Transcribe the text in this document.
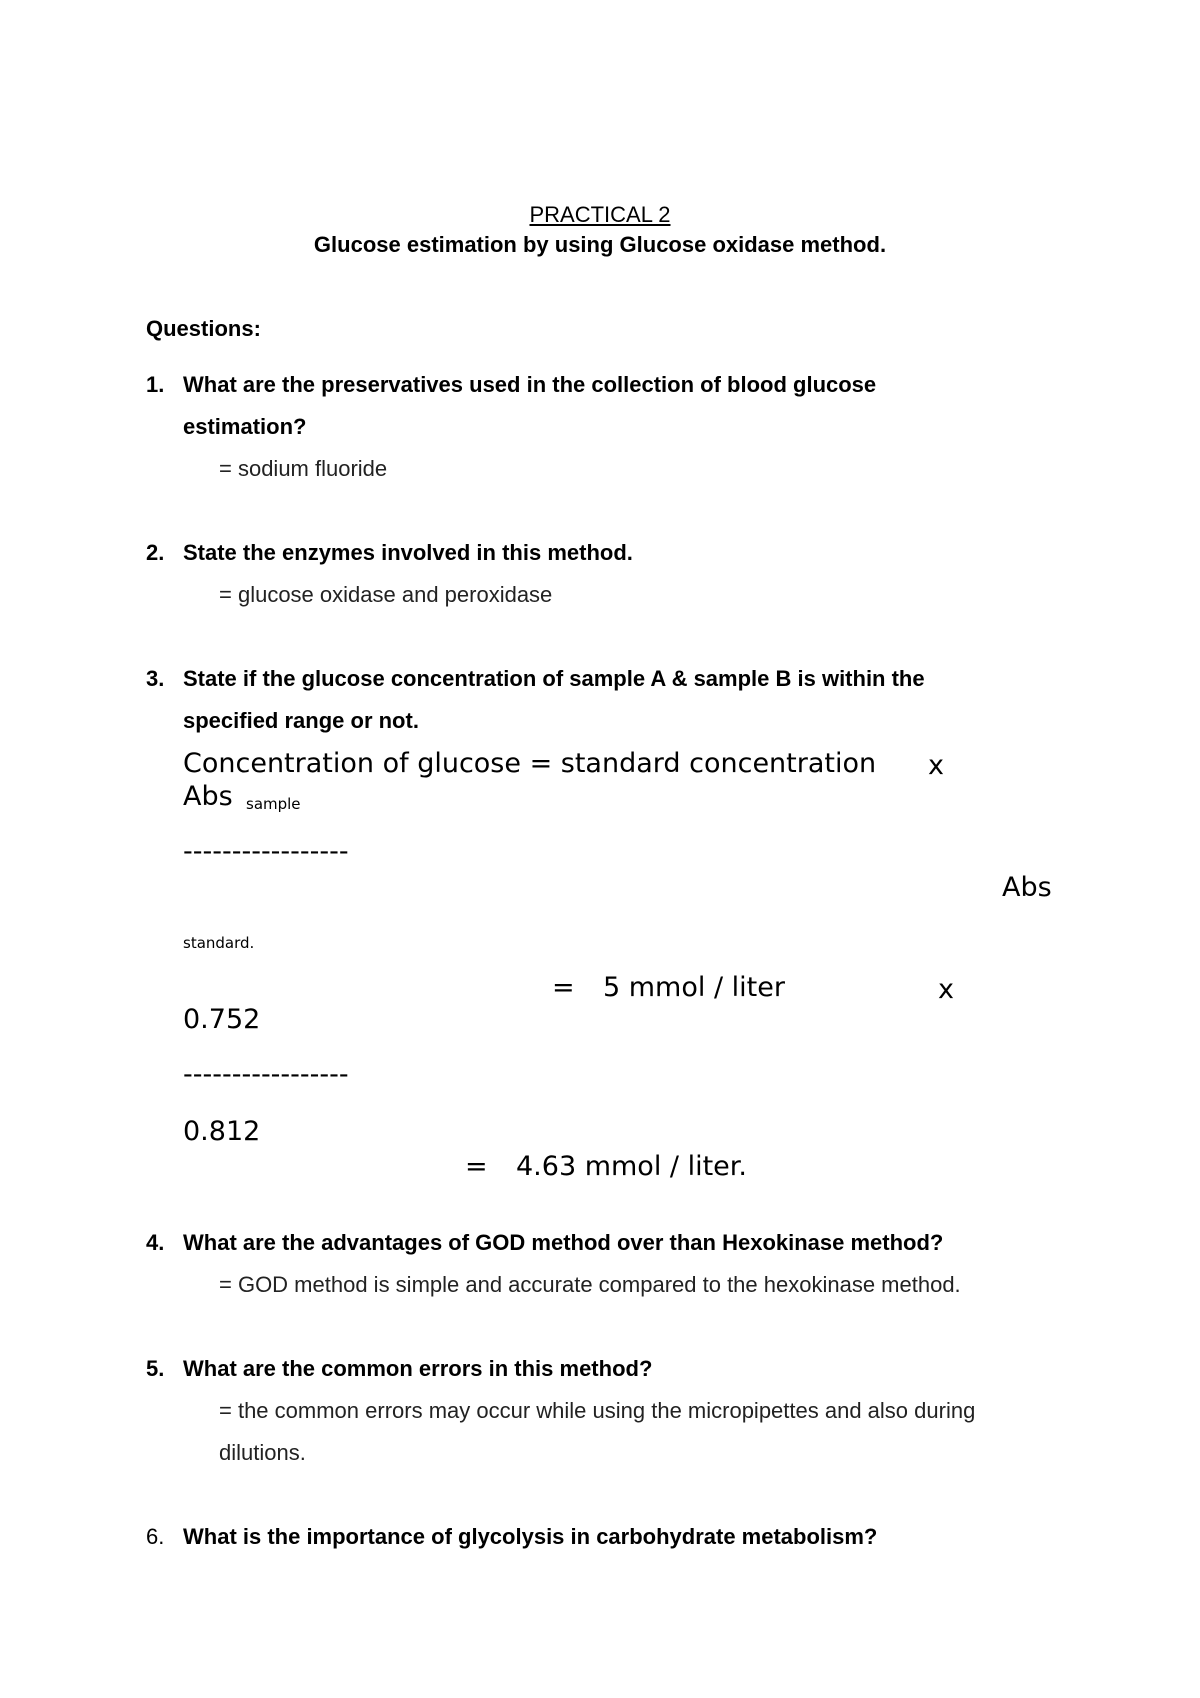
PRACTICAL 2
Glucose estimation by using Glucose oxidase method.
Questions:
1. What are the preservatives used in the collection of blood glucose
estimation?
= sodium fluoride
2. State the enzymes involved in this method.
= glucose oxidase and peroxidase
3. State if the glucose concentration of sample A & sample B is within the
specified range or not.
Concentration of glucose = standard concentration x
Abs sample
-----------------
Abs
standard.
= 5 mmol / liter	x
0.752
-----------------
0.812
= 4.63 mmol / liter.
4. What are the advantages of GOD method over than Hexokinase method?
= GOD method is simple and accurate compared to the hexokinase method.
5. What are the common errors in this method?
= the common errors may occur while using the micropipettes and also during
dilutions.
6. What is the importance of glycolysis in carbohydrate metabolism?
